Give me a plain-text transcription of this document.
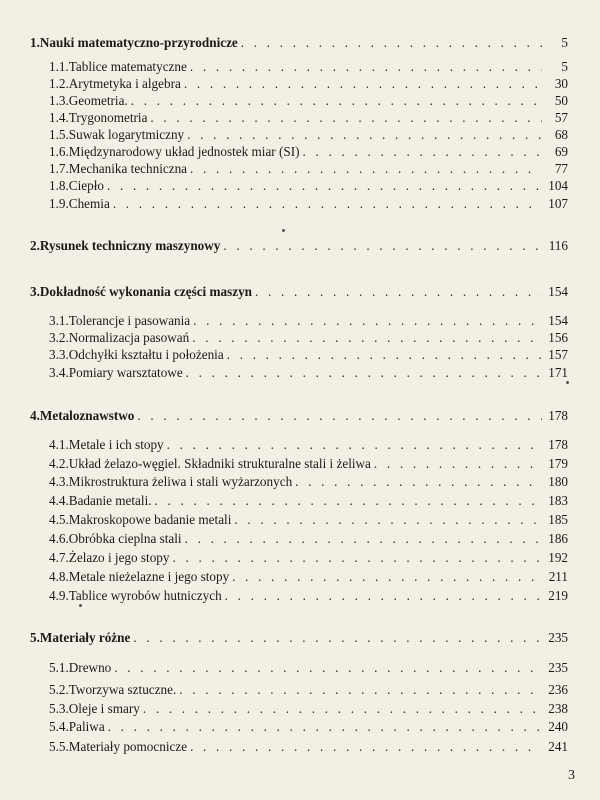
1. Nauki matematyczno-przyrodnicze . . .	5
1.1. Tablice matematyczne . . .	5
1.2. Arytmetyka i algebra . . .	30
1.3. Geometria. . . .	50
1.4. Trygonometria . . .	57
1.5. Suwak logarytmiczny . . .	68
1.6. Międzynarodowy układ jednostek miar (SI) . . .	69
1.7. Mechanika techniczna . . .	77
1.8. Ciepło . . .	104
1.9. Chemia . . .	107
2. Rysunek techniczny maszynowy . . .	116
3. Dokładność wykonania części maszyn . . .	154
3.1. Tolerancje i pasowania . . .	154
3.2. Normalizacja pasowań . . .	156
3.3. Odchyłki kształtu i położenia . . .	157
3.4. Pomiary warsztatowe . . .	171
4. Metaloznawstwo . . .	178
4.1. Metale i ich stopy . . .	178
4.2. Układ żelazo-węgiel. Składniki strukturalne stali i żeliwa . . .	179
4.3. Mikrostruktura żeliwa i stali wyżarzonych . . .	180
4.4. Badanie metali. . . .	183
4.5. Makroskopowe badanie metali . . .	185
4.6. Obróbka cieplna stali . . .	186
4.7. Żelazo i jego stopy . . .	192
4.8. Metale nieżelazne i jego stopy . . .	211
4.9. Tablice wyrobów hutniczych . . .	219
5. Materiały różne . . .	235
5.1. Drewno . . .	235
5.2. Tworzywa sztuczne. . . .	236
5.3. Oleje i smary . . .	238
5.4. Paliwa . . .	240
5.5. Materiały pomocnicze . . .	241
3
